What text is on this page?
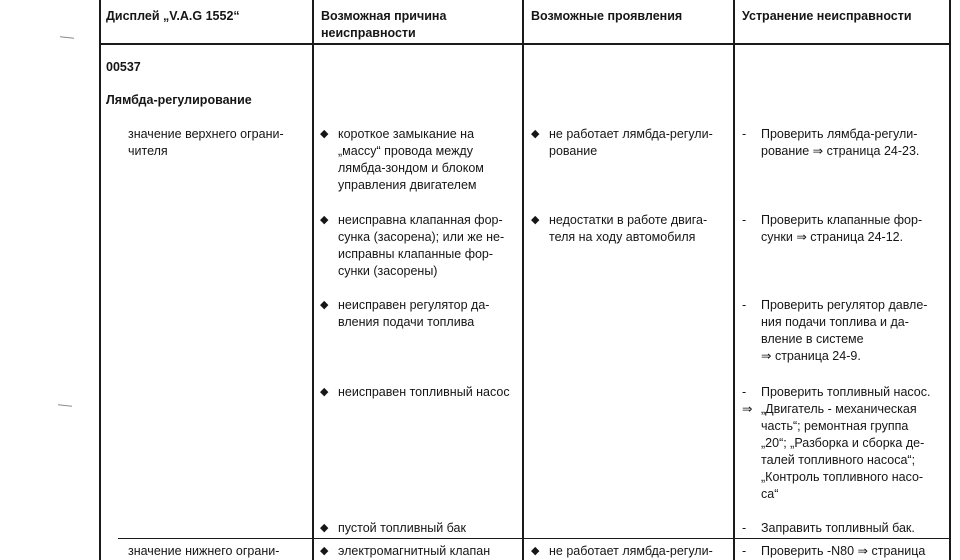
Дисплей „V.A.G 1552“	Возможная причина
неисправности
Возможные проявления	Устранение неисправности
00537
Лямбда-регулирование
значение верхнего ограни-
чителя
значение нижнего ограни-
◆ короткое замыкание на
„массу“ провода между
лямбда-зондом и блоком
управления двигателем
◆ неисправна клапанная фор-
сунка (засорена); или же не-
исправны клапанные фор-
сунки (засорены)
◆ неисправен регулятор да-
вления подачи топлива
◆ неисправен топливный насос
◆ пустой топливный бак
◆ электромагнитный клапан
◆ не работает лямбда-регули-
рование
◆ недостатки в работе двига-
теля на ходу автомобиля
◆ не работает лямбда-регули-
- Проверить лямбда-регули-
рование ⇒ страница 24-23.
- Проверить клапанные фор-
сунки ⇒ страница 24-12.
- Проверить регулятор давле-
ния подачи топлива и да-
вление в системе
⇒ страница 24-9.
- Проверить топливный насос.
⇒ „Двигатель - механическая
часть“; ремонтная группа
„20“; „Разборка и сборка де-
талей топливного насоса“;
„Контроль топливного насо-
са“
- Заправить топливный бак.
- Проверить -N80 ⇒ страница
